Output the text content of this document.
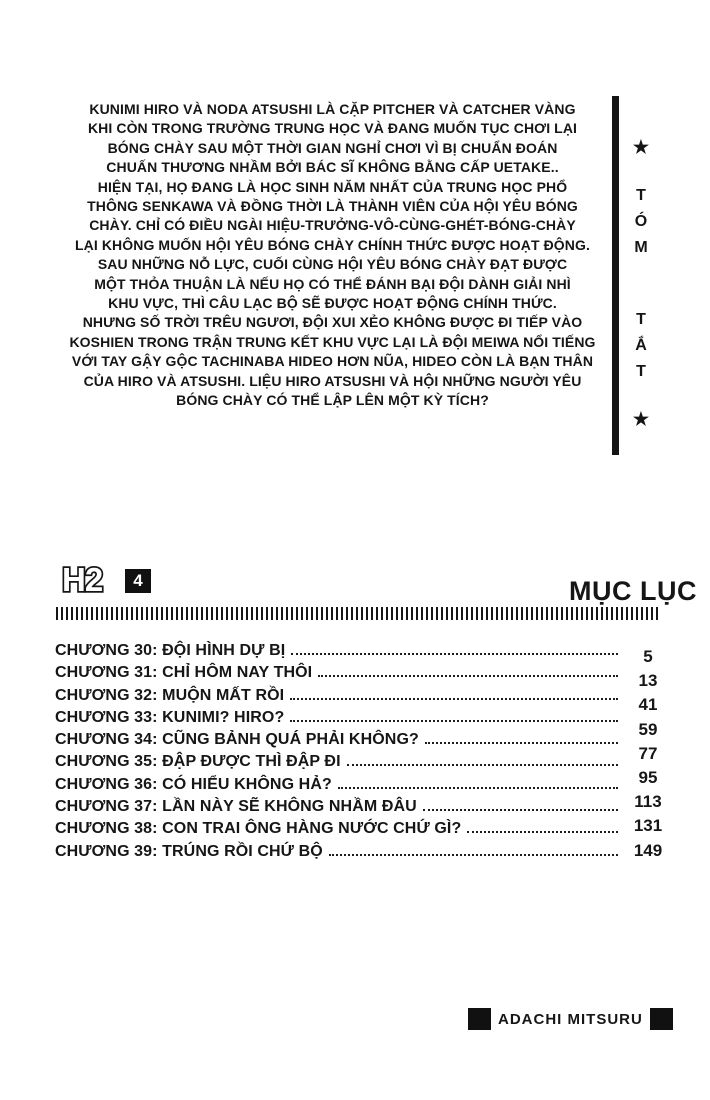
KUNIMI HIRO VÀ NODA ATSUSHI LÀ CẶP PITCHER VÀ CATCHER VÀNG
KHI CÒN TRONG TRƯỜNG TRUNG HỌC VÀ ĐANG MUỐN TỤC CHƠI LẠI
BÓNG CHÀY SAU MỘT THỜI GIAN NGHỈ CHƠI VÌ BỊ CHUẨN ĐOÁN
CHUẤN THƯƠNG NHẦM BỞI BÁC SĨ KHÔNG BẰNG CẤP UETAKE..
HIỆN TẠI, HỌ ĐANG LÀ HỌC SINH NĂM NHẤT CỦA TRUNG HỌC PHỔ
THÔNG SENKAWA VÀ ĐỒNG THỜI LÀ THÀNH VIÊN CỦA HỘI YÊU BÓNG
CHÀY. CHỈ CÓ ĐIỀU NGÀI HIỆU-TRƯỞNG-VÔ-CÙNG-GHÉT-BÓNG-CHÀY
LẠI KHÔNG MUỐN HỘI YÊU BÓNG CHÀY CHÍNH THỨC ĐƯỢC HOẠT ĐỘNG.
SAU NHỮNG NỖ LỰC, CUỐI CÙNG HỘI YÊU BÓNG CHÀY ĐẠT ĐƯỢC
MỘT THỎA THUẬN LÀ NẾU HỌ CÓ THỂ ĐÁNH BẠI ĐỘI DÀNH GIẢI NHÌ
KHU VỰC, THÌ CÂU LẠC BỘ SẼ ĐƯỢC HOẠT ĐỘNG CHÍNH THỨC.
NHƯNG SỐ TRỜI TRÊU NGƯƠI, ĐỘI XUI XẺO KHÔNG ĐƯỢC ĐI TIẾP VÀO
KOSHIEN TRONG TRẬN TRUNG KẾT KHU VỰC LẠI LÀ ĐỘI MEIWA NỔI TIẾNG
VỚI TAY GẬY GỘC TACHINABA HIDEO HƠN NŨA, HIDEO CÒN LÀ BẠN THÂN
CỦA HIRO VÀ ATSUSHI. LIỆU HIRO ATSUSHI VÀ HỘI NHỮNG NGƯỜI YÊU
BÓNG CHÀY CÓ THỂ LẬP LÊN MỘT KỲ TÍCH?
★
T
Ó
M
T
Ắ
T
★
H2	4	MỤC LỤC
CHƯƠNG 30: ĐỘI HÌNH DỰ BỊ
CHƯƠNG 31: CHỈ HÔM NAY THÔI
CHƯƠNG 32: MUỘN MẤT RỒI
CHƯƠNG 33: KUNIMI? HIRO?
CHƯƠNG 34: CŨNG BẢNH QUÁ PHẢI KHÔNG?
CHƯƠNG 35: ĐẬP ĐƯỢC THÌ ĐẬP ĐI
CHƯƠNG 36: CÓ HIỂU KHÔNG HẢ?
CHƯƠNG 37: LẦN NÀY SẼ KHÔNG NHẦM ĐÂU
CHƯƠNG 38: CON TRAI ÔNG HÀNG NƯỚC CHỨ GÌ?
CHƯƠNG 39: TRÚNG RỒI CHỨ BỘ
5
13
41
59
77
95
113
131
149
ADACHI MITSURU
